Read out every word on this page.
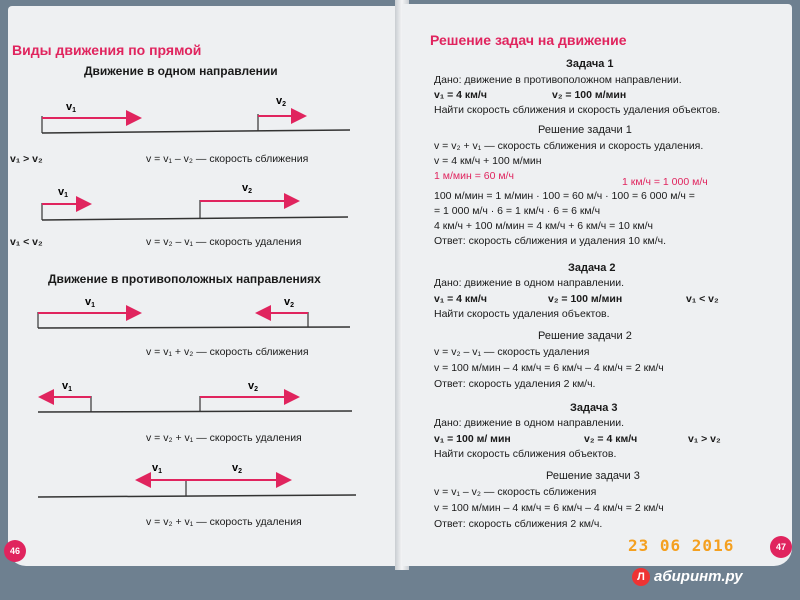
Виды движения по прямой
Движение в одном направлении
Движение в противоположных направлениях
v1
v2
v1
v2
v1	v2
v1	v2
v1	v2
v₁ > v₂	v = v₁ – v₂ — скорость сближения
v₁ < v₂	v = v₂ – v₁ — скорость удаления
v = v₁ + v₂ — скорость сближения
v = v₂ + v₁ — скорость удаления
v = v₂ + v₁ — скорость удаления
46
Решение задач на движение
Задача 1
Дано: движение в противоположном направлении.
v₁ = 4 км/ч	v₂ = 100 м/мин
Найти скорость сближения и скорость удаления объектов.
Решение задачи 1
v = v₂ + v₁ — скорость сближения и скорость удаления.
v = 4 км/ч + 100 м/мин
1 м/мин = 60 м/ч	1 км/ч = 1 000 м/ч
100 м/мин = 1 м/мин · 100 = 60 м/ч · 100 = 6 000 м/ч =
= 1 000 м/ч · 6 = 1 км/ч · 6 = 6 км/ч
4 км/ч + 100 м/мин = 4 км/ч + 6 км/ч = 10 км/ч
Ответ: скорость сближения и удаления 10 км/ч.
Задача 2
Дано: движение в одном направлении.
v₁ = 4 км/ч	v₂ = 100 м/мин	v₁ < v₂
Найти скорость удаления объектов.
Решение задачи 2
v = v₂ – v₁ — скорость удаления
v = 100 м/мин – 4 км/ч = 6 км/ч – 4 км/ч = 2 км/ч
Ответ: скорость удаления 2 км/ч.
Задача 3
Дано: движение в одном направлении.
v₁ = 100 м/ мин	v₂ = 4 км/ч	v₁ > v₂
Найти скорость сближения объектов.
Решение задачи 3
v = v₁ – v₂ — скорость сближения
v = 100 м/мин – 4 км/ч = 6 км/ч – 4 км/ч = 2 км/ч
Ответ: скорость сближения 2 км/ч.
47
23 06 2016
Л абиринт.ру
